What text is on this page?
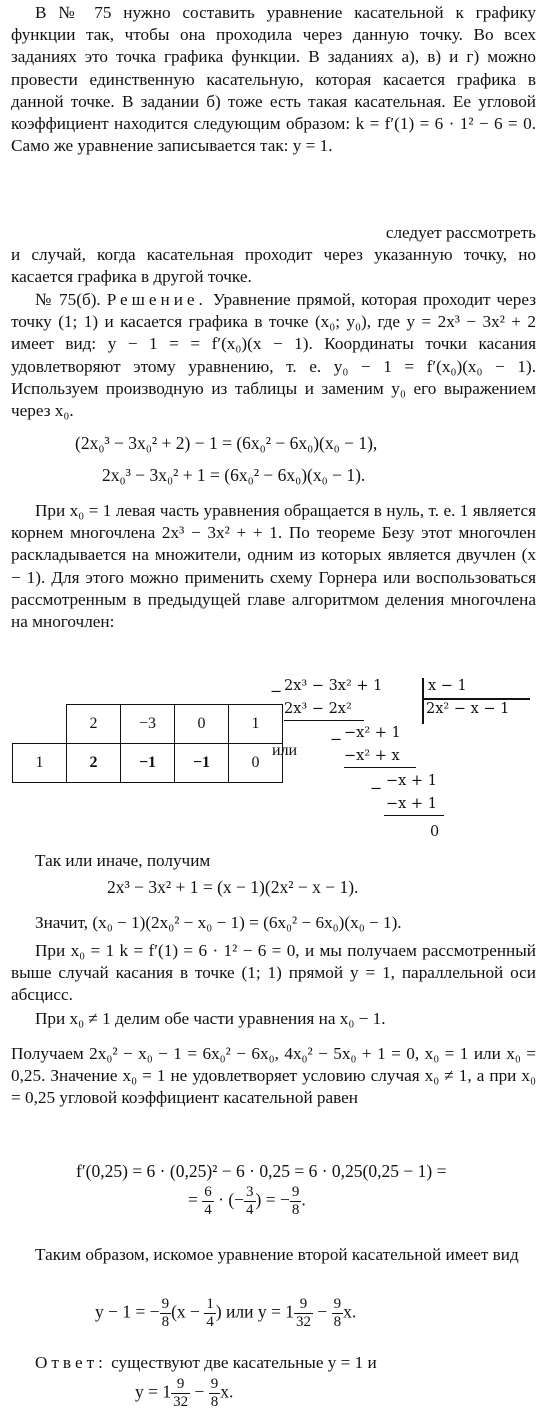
В № 75 нужно составить уравнение касательной к графику функции так, чтобы она проходила через данную точку. Во всех заданиях это точка графика функции. В заданиях а), в) и г) можно провести единственную касательную, которая касается графика в данной точке. В задании б) тоже есть такая касательная. Ее угловой коэффициент находится следующим образом: k = f′(1) = 6 · 1² − 6 = 0. Само же уравнение записывается так: y = 1.

следует рассмотреть

и случай, когда касательная проходит через указанную точку, но касается графика в другой точке.

№ 75(б). Решение. Уравнение прямой, которая проходит через точку (1; 1) и касается графика в точке (x₀; y₀), где y = 2x³ − 3x² + 2 имеет вид: y − 1 = = f′(x₀)(x − 1). Координаты точки касания удовлетворяют этому уравнению, т. е. y₀ − 1 = f′(x₀)(x₀ − 1). Используем производную из таблицы и заменим y₀ его выражением через x₀.

(2x₀³ − 3x₀² + 2) − 1 = (6x₀² − 6x₀)(x₀ − 1),

2x₀³ − 3x₀² + 1 = (6x₀² − 6x₀)(x₀ − 1).

При x₀ = 1 левая часть уравнения обращается в нуль, т. е. 1 является корнем многочлена 2x³ − 3x² + + 1. По теореме Безу этот многочлен раскладывается на множители, одним из которых является двучлен (x − 1). Для этого можно применить схему Горнера или воспользоваться рассмотренным в предыдущей главе алгоритмом деления многочлена на многочлен:

	2	−3	0	1
1	2	−1	−1	0
или
− 2x³ − 3x² + 1
2x³ − 2x²
x − 1
2x² − x − 1
− −x² + 1
−x² + x
− −x + 1
−x + 1
0

Так или иначе, получим

2x³ − 3x² + 1 = (x − 1)(2x² − x − 1).

Значит, (x₀ − 1)(2x₀² − x₀ − 1) = (6x₀² − 6x₀)(x₀ − 1).

При x₀ = 1 k = f′(1) = 6 · 1² − 6 = 0, и мы получаем рассмотренный выше случай касания в точке (1; 1) прямой y = 1, параллельной оси абсцисс.

При x₀ ≠ 1 делим обе части уравнения на x₀ − 1.

Получаем 2x₀² − x₀ − 1 = 6x₀² − 6x₀, 4x₀² − 5x₀ + 1 = 0, x₀ = 1 или x₀ = 0,25. Значение x₀ = 1 не удовлетворяет условию случая x₀ ≠ 1, а при x₀ = 0,25 угловой коэффициент касательной равен

f′(0,25) = 6 · (0,25)² − 6 · 0,25 = 6 · 0,25(0,25 − 1) =

= $\frac{6}{4}$ · (− $\frac{3}{4}$ ) = − $\frac{9}{8}$ .

Таким образом, искомое уравнение второй касательной имеет вид

y − 1 = − $\frac{9}{8} (x - \frac{1}{4}$ ) или $y = 1 \frac{9}{32} - \frac{9}{8} x$.

Ответ: существуют две касательные y = 1 и

$y = 1 \frac{9}{32} - \frac{9}{8} x$.
